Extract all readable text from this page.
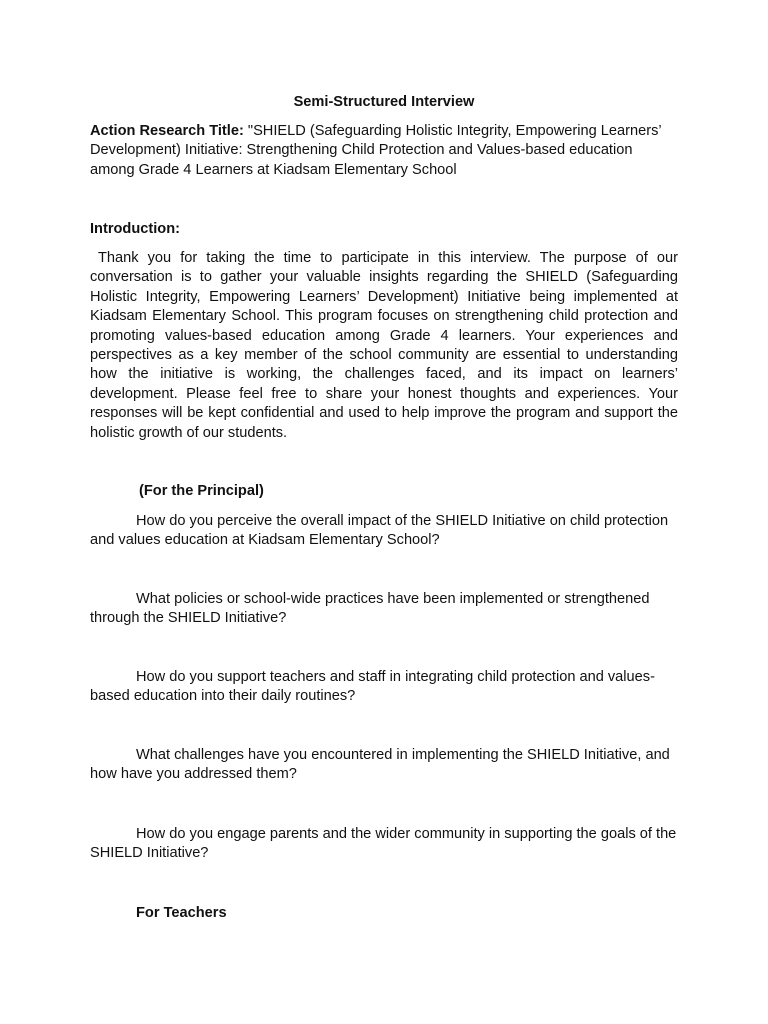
Semi-Structured Interview

Action Research Title: "SHIELD (Safeguarding Holistic Integrity, Empowering Learners’ Development) Initiative: Strengthening Child Protection and Values-based education among Grade 4 Learners at Kiadsam Elementary School

Introduction:

Thank you for taking the time to participate in this interview. The purpose of our conversation is to gather your valuable insights regarding the SHIELD (Safeguarding Holistic Integrity, Empowering Learners’ Development) Initiative being implemented at Kiadsam Elementary School. This program focuses on strengthening child protection and promoting values-based education among Grade 4 learners. Your experiences and perspectives as a key member of the school community are essential to understanding how the initiative is working, the challenges faced, and its impact on learners’ development. Please feel free to share your honest thoughts and experiences. Your responses will be kept confidential and used to help improve the program and support the holistic growth of our students.

(For the Principal)

How do you perceive the overall impact of the SHIELD Initiative on child protection and values education at Kiadsam Elementary School?

What policies or school-wide practices have been implemented or strengthened through the SHIELD Initiative?

How do you support teachers and staff in integrating child protection and values-based education into their daily routines?

What challenges have you encountered in implementing the SHIELD Initiative, and how have you addressed them?

How do you engage parents and the wider community in supporting the goals of the SHIELD Initiative?

For Teachers
